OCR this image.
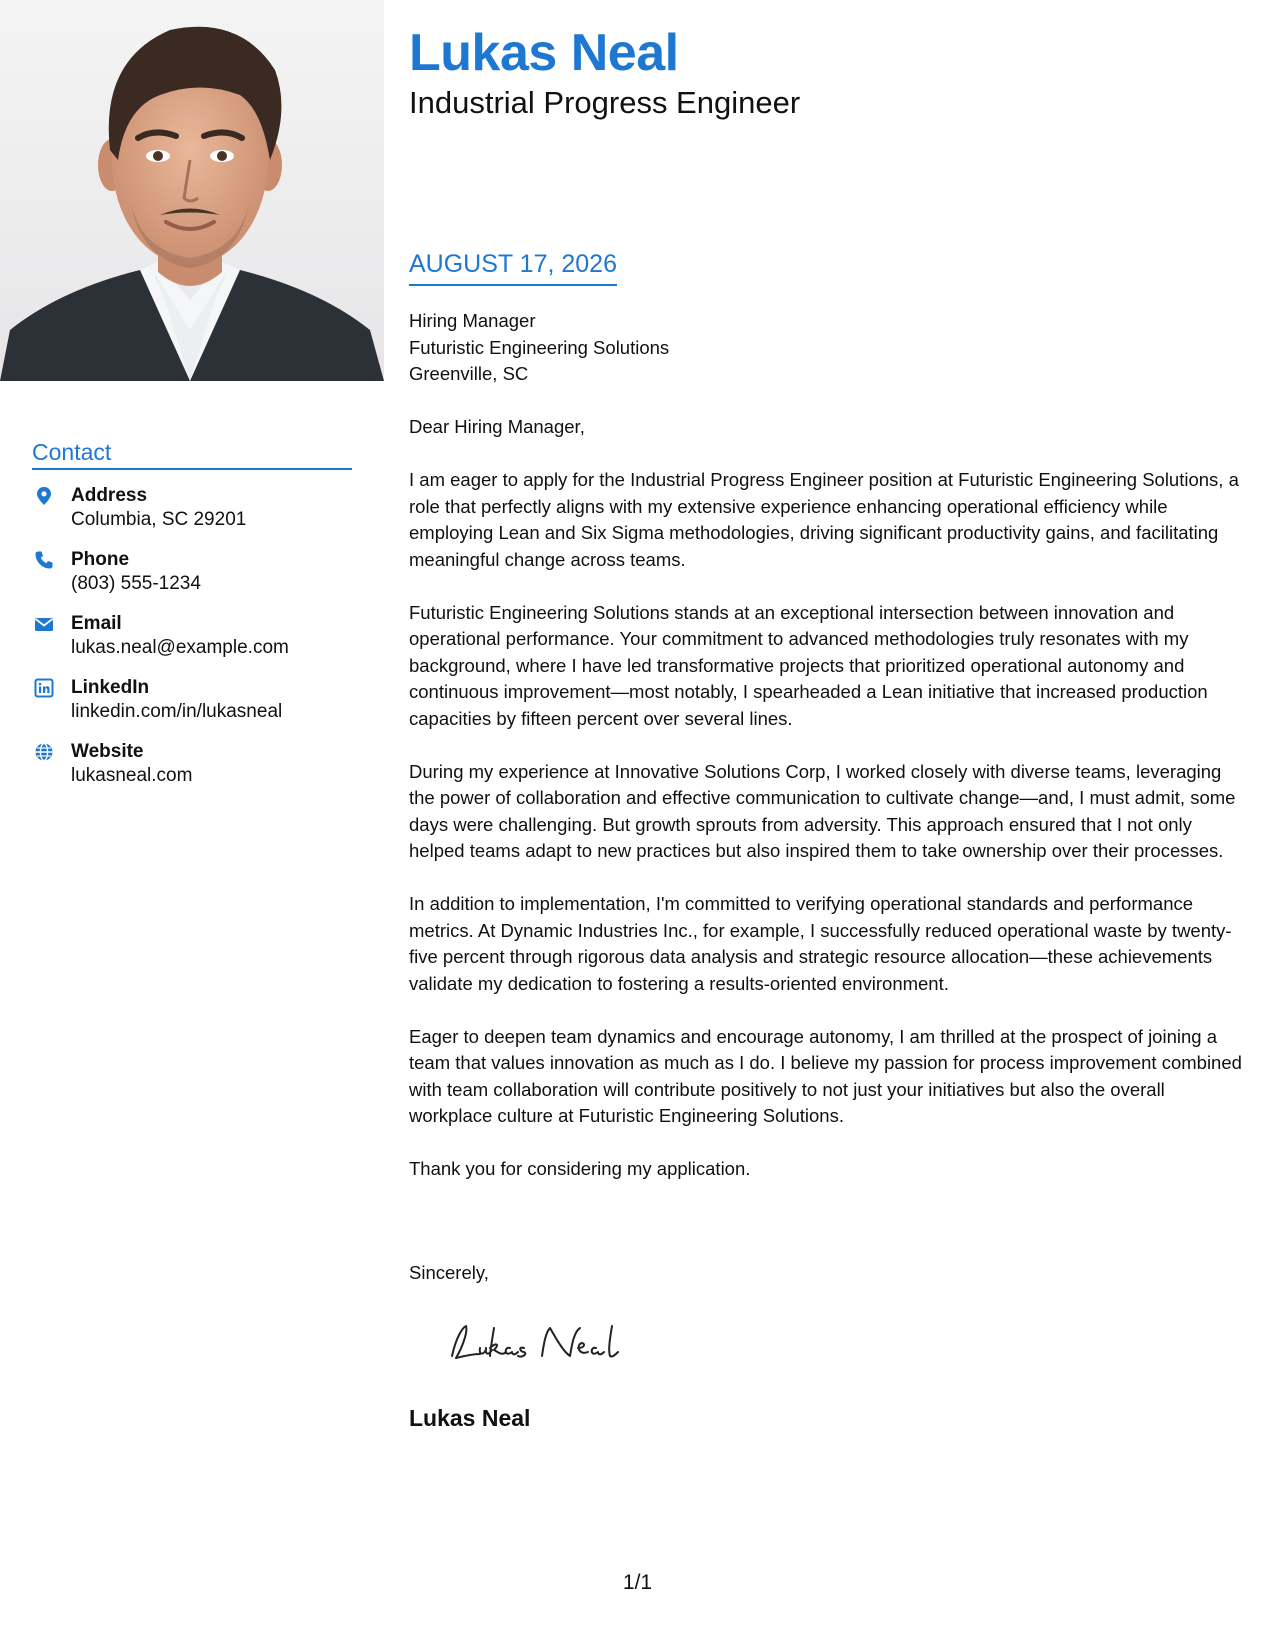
Contact
Address
Columbia, SC 29201
Phone
(803) 555-1234
Email
lukas.neal@example.com
LinkedIn
linkedin.com/in/lukasneal
Website
lukasneal.com
Lukas Neal
Industrial Progress Engineer
AUGUST 17, 2026
Hiring Manager
Futuristic Engineering Solutions
Greenville, SC

Dear Hiring Manager,

I am eager to apply for the Industrial Progress Engineer position at Futuristic Engineering Solutions, a role that perfectly aligns with my extensive experience enhancing operational efficiency while employing Lean and Six Sigma methodologies, driving significant productivity gains, and facilitating meaningful change across teams.

Futuristic Engineering Solutions stands at an exceptional intersection between innovation and operational performance. Your commitment to advanced methodologies truly resonates with my background, where I have led transformative projects that prioritized operational autonomy and continuous improvement—most notably, I spearheaded a Lean initiative that increased production capacities by fifteen percent over several lines.

During my experience at Innovative Solutions Corp, I worked closely with diverse teams, leveraging the power of collaboration and effective communication to cultivate change—and, I must admit, some days were challenging. But growth sprouts from adversity. This approach ensured that I not only helped teams adapt to new practices but also inspired them to take ownership over their processes.

In addition to implementation, I'm committed to verifying operational standards and performance metrics. At Dynamic Industries Inc., for example, I successfully reduced operational waste by twenty-five percent through rigorous data analysis and strategic resource allocation—these achievements validate my dedication to fostering a results-oriented environment.

Eager to deepen team dynamics and encourage autonomy, I am thrilled at the prospect of joining a team that values innovation as much as I do. I believe my passion for process improvement combined with team collaboration will contribute positively to not just your initiatives but also the overall workplace culture at Futuristic Engineering Solutions.

Thank you for considering my application.

Sincerely,
Lukas Neal
1/1
